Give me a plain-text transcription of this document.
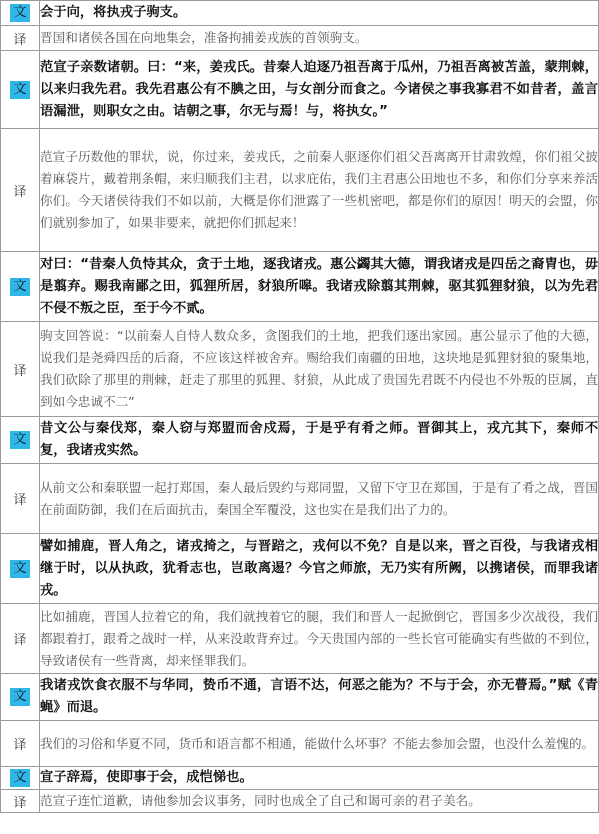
文	会于向，将执戎子驹支。
译	晋国和诸侯各国在向地集会，准备拘捕姜戎族的首领驹支。
文	范宣子亲数诸朝。曰：“来，姜戎氏。昔秦人迫逐乃祖吾离于瓜州，乃祖吾离被苫盖，蒙荆棘，以来归我先君。我先君惠公有不腆之田，与女剖分而食之。今诸侯之事我寡君不如昔者，盖言语漏泄，则职女之由。诘朝之事，尔无与焉！与，将执女。”
译	范宣子历数他的罪状，说，你过来，姜戎氏，之前秦人驱逐你们祖父吾离离开甘肃敦煌，你们祖父披着麻袋片，戴着荆条帽，来归顺我们主君，以求庇佑，我们主君惠公田地也不多，和你们分享来养活你们。今天诸侯待我们不如以前，大概是你们泄露了一些机密吧，都是你们的原因！明天的会盟，你们就别参加了，如果非要来，就把你们抓起来！
文	对曰：“昔秦人负恃其众，贪于土地，逐我诸戎。惠公蠲其大德，谓我诸戎是四岳之裔胄也，毋是翦弃。赐我南鄙之田，狐狸所居，豺狼所嗥。我诸戎除翦其荆棘，驱其狐狸豺狼，以为先君不侵不叛之臣，至于今不贰。
译	驹支回答说：“以前秦人自恃人数众多，贪图我们的土地，把我们逐出家园。惠公显示了他的大德，说我们是尧舜四岳的后裔，不应该这样被舍弃。赐给我们南疆的田地，这块地是狐狸豺狼的聚集地，我们砍除了那里的荆棘，赶走了那里的狐狸、豺狼，从此成了贵国先君既不内侵也不外叛的臣属，直到如今忠诚不二”
文	昔文公与秦伐郑，秦人窃与郑盟而舍戍焉，于是乎有肴之师。晋御其上，戎亢其下，秦师不复，我诸戎实然。
译	从前文公和秦联盟一起打郑国，秦人最后毁约与郑同盟，又留下守卫在郑国，于是有了肴之战，晋国在前面防御，我们在后面抗击，秦国全军覆没，这也实在是我们出了力的。
文	譬如捕鹿，晋人角之，诸戎掎之，与晋踣之，戎何以不免？自是以来，晋之百役，与我诸戎相继于时，以从执政，犹肴志也，岂敢离逷？今官之师旅，无乃实有所阙，以携诸侯，而罪我诸戎。
译	比如捕鹿，晋国人拉着它的角，我们就拽着它的腿，我们和晋人一起掀倒它，晋国多少次战役，我们都跟着打，跟肴之战时一样，从来没敢背弃过。今天贵国内部的一些长官可能确实有些做的不到位，导致诸侯有一些背离，却来怪罪我们。
文	我诸戎饮食衣服不与华同，贽币不通，言语不达，何恶之能为？不与于会，亦无瞢焉。”赋《青蝇》而退。
译	我们的习俗和华夏不同，货币和语言都不相通，能做什么坏事？不能去参加会盟，也没什么羞愧的。
文	宣子辞焉，使即事于会，成恺悌也。
译	范宣子连忙道歉，请他参加会议事务，同时也成全了自己和谒可亲的君子美名。
